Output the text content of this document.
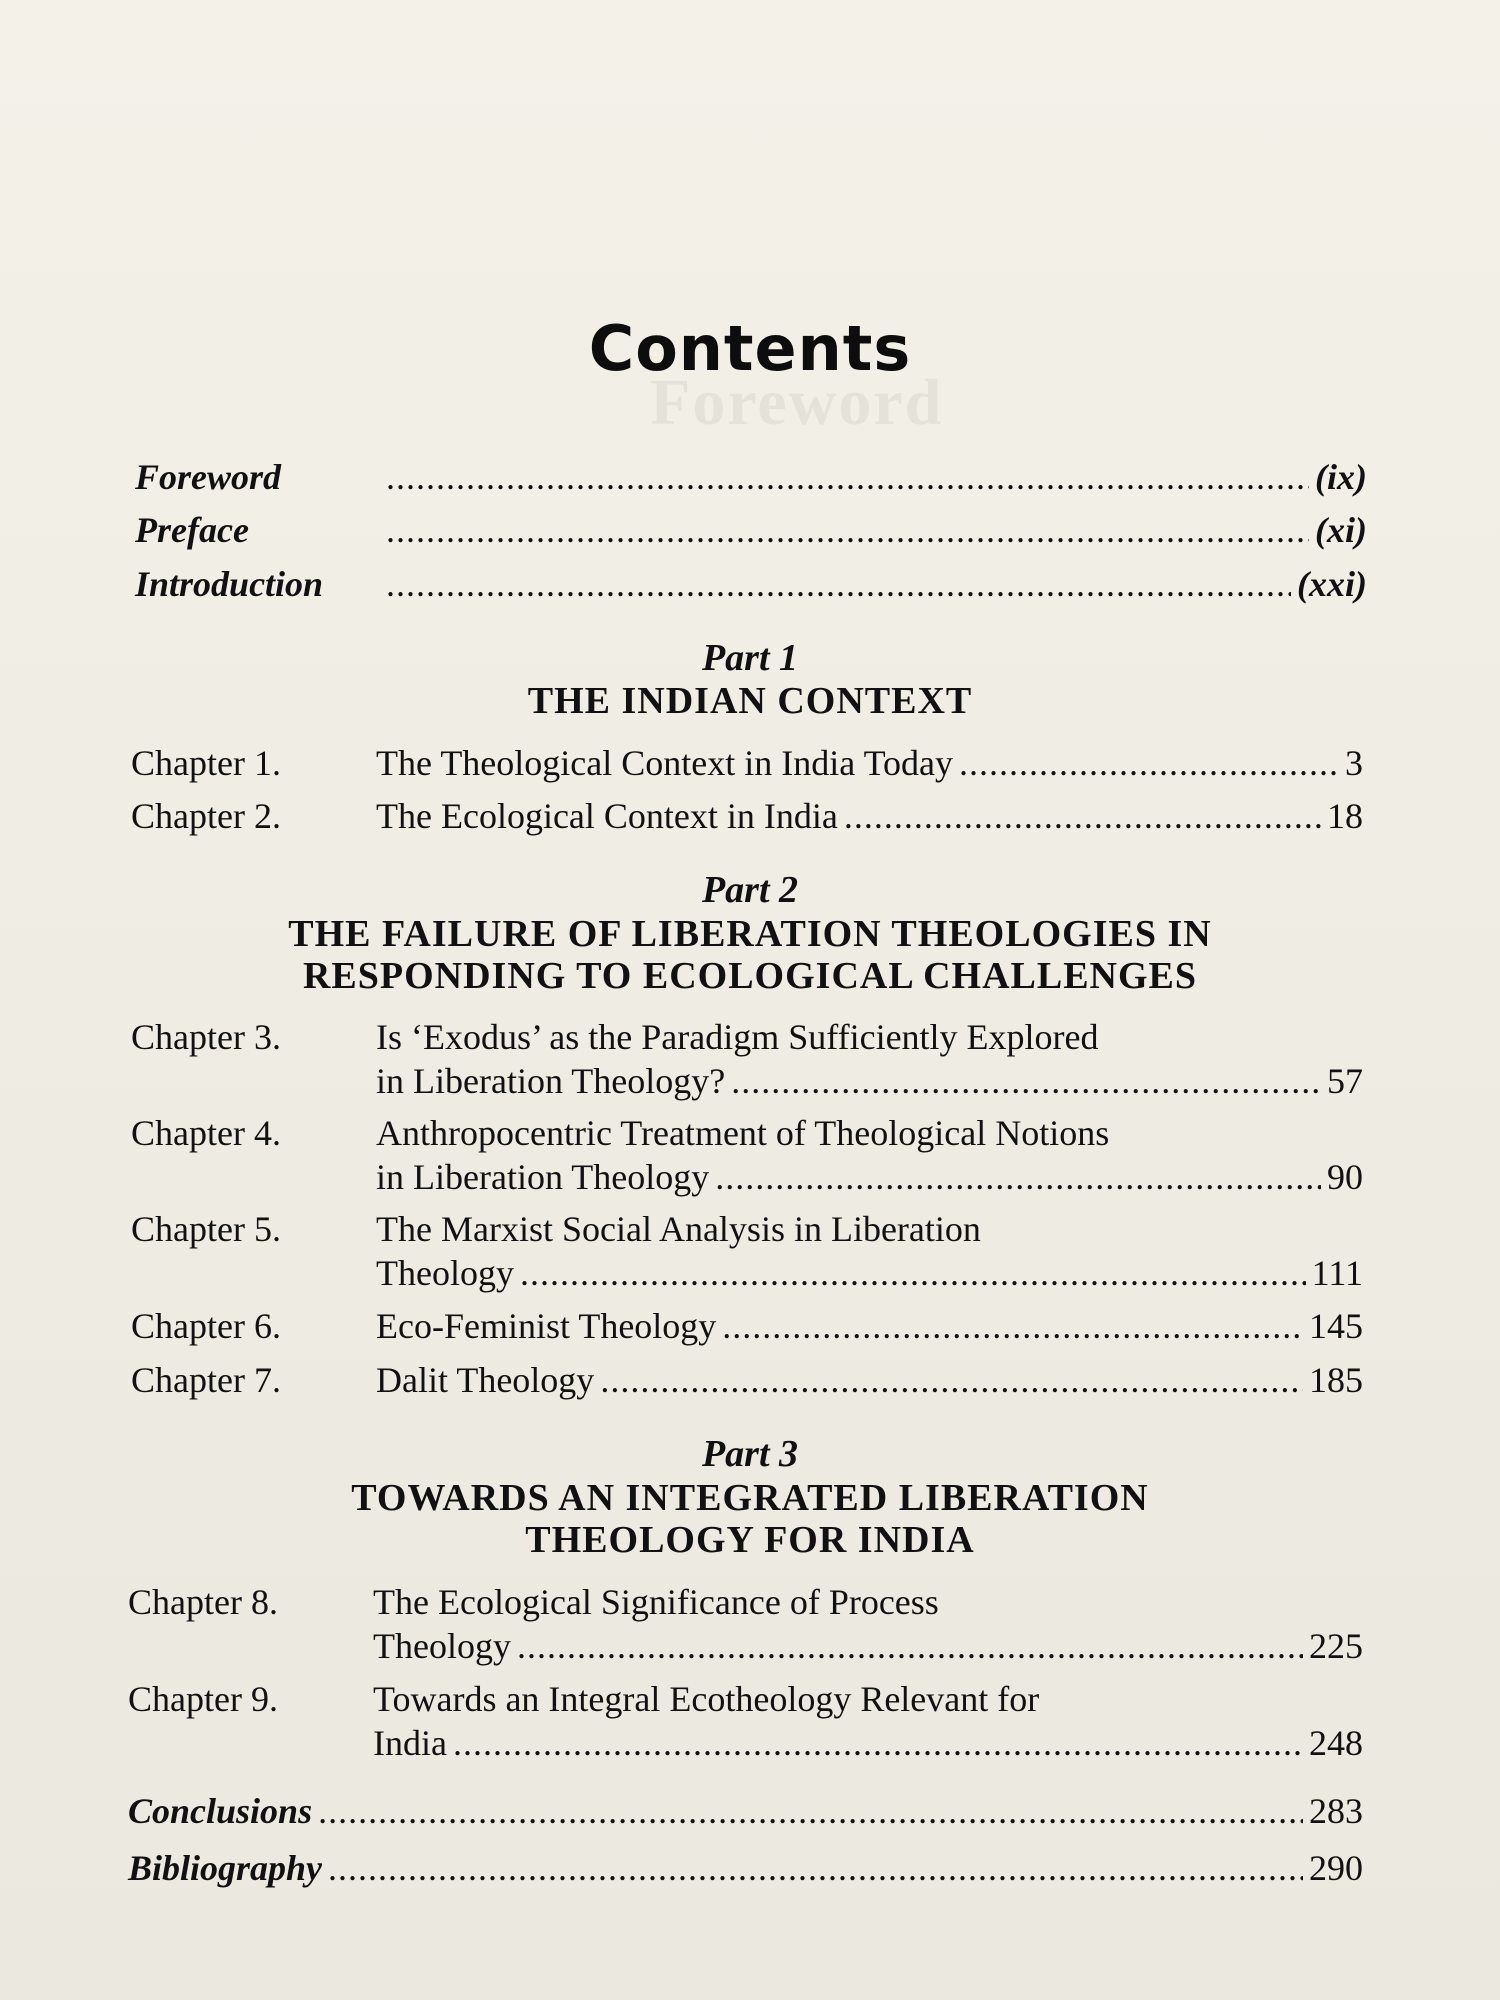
Foreword
Contents
Foreword .....	(ix)
Preface .....	(xi)
Introduction .....	(xxi)
Part 1
THE INDIAN CONTEXT
Chapter 1.	The Theological Context in India Today .....	3
Chapter 2.	The Ecological Context in India .....	18
Part 2
THE FAILURE OF LIBERATION THEOLOGIES IN
RESPONDING TO ECOLOGICAL CHALLENGES
Chapter 3.	Is ‘Exodus’ as the Paradigm Sufficiently Explored
in Liberation Theology? .....	57
Chapter 4.	Anthropocentric Treatment of Theological Notions
in Liberation Theology .....	90
Chapter 5.	The Marxist Social Analysis in Liberation
Theology .....	111
Chapter 6.	Eco-Feminist Theology .....	145
Chapter 7.	Dalit Theology .....	185
Part 3
TOWARDS AN INTEGRATED LIBERATION
THEOLOGY FOR INDIA
Chapter 8.	The Ecological Significance of Process
Theology .....	225
Chapter 9.	Towards an Integral Ecotheology Relevant for
India .....	248
Conclusions .....	283
Bibliography .....	290
